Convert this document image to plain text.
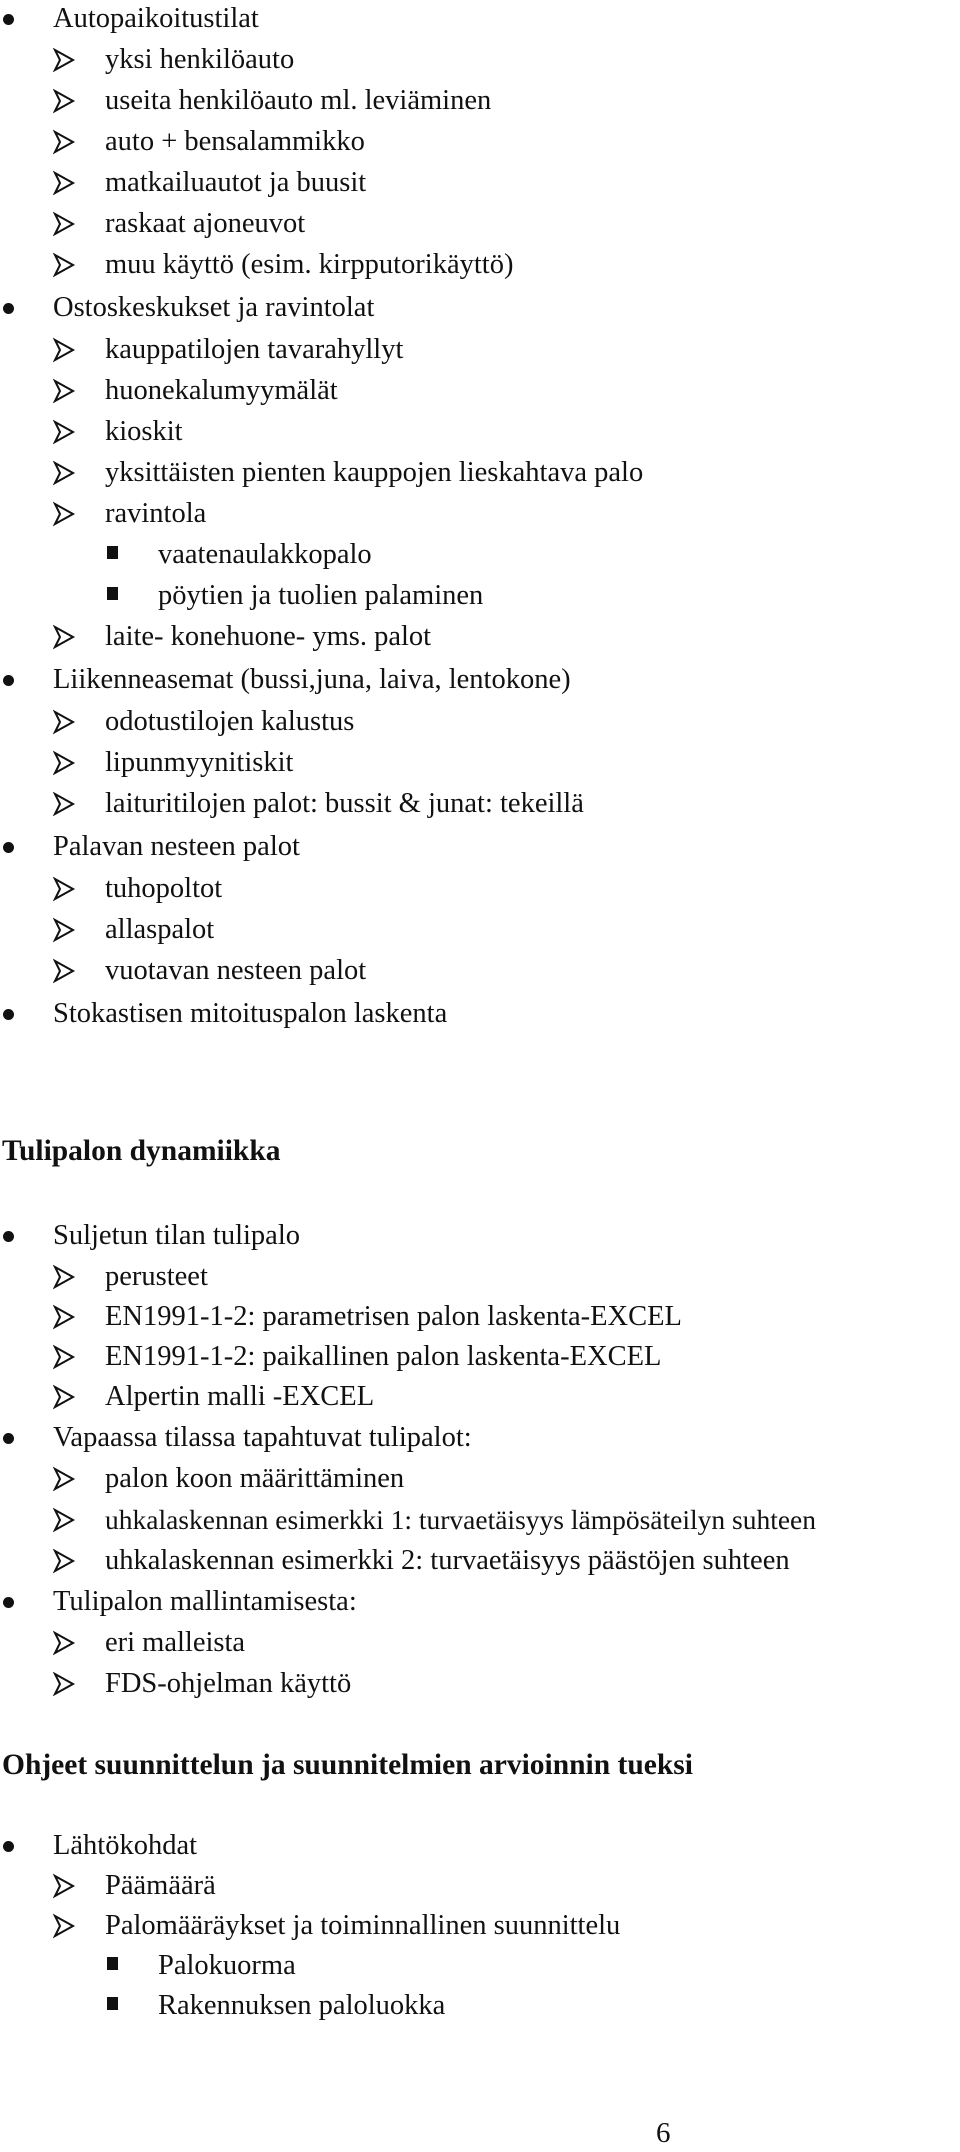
Autopaikoitustilat
yksi henkilöauto
useita henkilöauto ml. leviäminen
auto + bensalammikko
matkailuautot ja buusit
raskaat ajoneuvot
muu käyttö (esim. kirpputorikäyttö)
Ostoskeskukset ja ravintolat
kauppatilojen tavarahyllyt
huonekalumyymälät
kioskit
yksittäisten pienten kauppojen lieskahtava palo
ravintola
vaatenaulakkopalo
pöytien ja tuolien palaminen
laite- konehuone- yms. palot
Liikenneasemat (bussi,juna, laiva, lentokone)
odotustilojen kalustus
lipunmyynitiskit
laituritilojen palot: bussit & junat: tekeillä
Palavan nesteen palot
tuhopoltot
allaspalot
vuotavan nesteen palot
Stokastisen mitoituspalon laskenta
Tulipalon dynamiikka
Suljetun tilan tulipalo
perusteet
EN1991-1-2: parametrisen palon laskenta-EXCEL
EN1991-1-2: paikallinen palon laskenta-EXCEL
Alpertin malli -EXCEL
Vapaassa tilassa tapahtuvat tulipalot:
palon koon määrittäminen
uhkalaskennan esimerkki 1: turvaetäisyys lämpösäteilyn suhteen
uhkalaskennan esimerkki 2: turvaetäisyys päästöjen suhteen
Tulipalon mallintamisesta:
eri malleista
FDS-ohjelman käyttö
Ohjeet suunnittelun ja suunnitelmien arvioinnin tueksi
Lähtökohdat
Päämäärä
Palomääräykset ja toiminnallinen suunnittelu
Palokuorma
Rakennuksen paloluokka
6
